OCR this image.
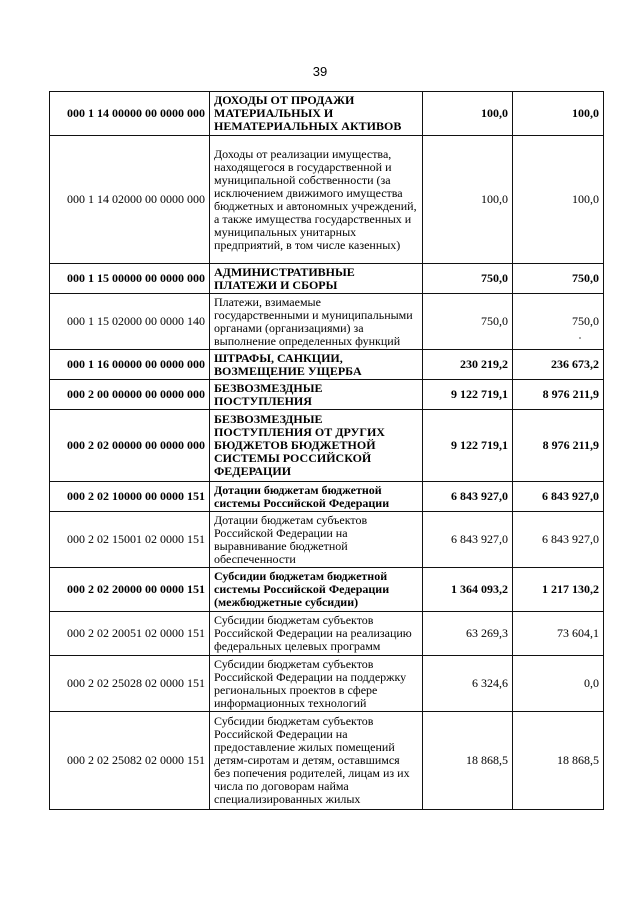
39
000 1 14 00000 00 0000 000	ДОХОДЫ ОТ ПРОДАЖИ МАТЕРИАЛЬНЫХ И НЕМАТЕРИАЛЬНЫХ АКТИВОВ	100,0	100,0
000 1 14 02000 00 0000 000	Доходы от реализации имущества, находящегося в государственной и муниципальной собственности (за исключением движимого имущества бюджетных и автономных учреждений, а также имущества государственных и муниципальных унитарных предприятий, в том числе казенных)	100,0	100,0
000 1 15 00000 00 0000 000	АДМИНИСТРАТИВНЫЕ ПЛАТЕЖИ И СБОРЫ	750,0	750,0
000 1 15 02000 00 0000 140	Платежи, взимаемые государственными и муниципальными органами (организациями) за выполнение определенных функций	750,0	750,0
000 1 16 00000 00 0000 000	ШТРАФЫ, САНКЦИИ, ВОЗМЕЩЕНИЕ УЩЕРБА	230 219,2	236 673,2
000 2 00 00000 00 0000 000	БЕЗВОЗМЕЗДНЫЕ ПОСТУПЛЕНИЯ	9 122 719,1	8 976 211,9
000 2 02 00000 00 0000 000	БЕЗВОЗМЕЗДНЫЕ ПОСТУПЛЕНИЯ ОТ ДРУГИХ БЮДЖЕТОВ БЮДЖЕТНОЙ СИСТЕМЫ РОССИЙСКОЙ ФЕДЕРАЦИИ	9 122 719,1	8 976 211,9
000 2 02 10000 00 0000 151	Дотации бюджетам бюджетной системы Российской Федерации	6 843 927,0	6 843 927,0
000 2 02 15001 02 0000 151	Дотации бюджетам субъектов Российской Федерации на выравнивание бюджетной обеспеченности	6 843 927,0	6 843 927,0
000 2 02 20000 00 0000 151	Субсидии бюджетам бюджетной системы Российской Федерации (межбюджетные субсидии)	1 364 093,2	1 217 130,2
000 2 02 20051 02 0000 151	Субсидии бюджетам субъектов Российской Федерации на реализацию федеральных целевых программ	63 269,3	73 604,1
000 2 02 25028 02 0000 151	Субсидии бюджетам субъектов Российской Федерации на поддержку региональных проектов в сфере информационных технологий	6 324,6	0,0
000 2 02 25082 02 0000 151	Субсидии бюджетам субъектов Российской Федерации на предоставление жилых помещений детям-сиротам и детям, оставшимся без попечения родителей, лицам из их числа по договорам найма специализированных жилых	18 868,5	18 868,5
